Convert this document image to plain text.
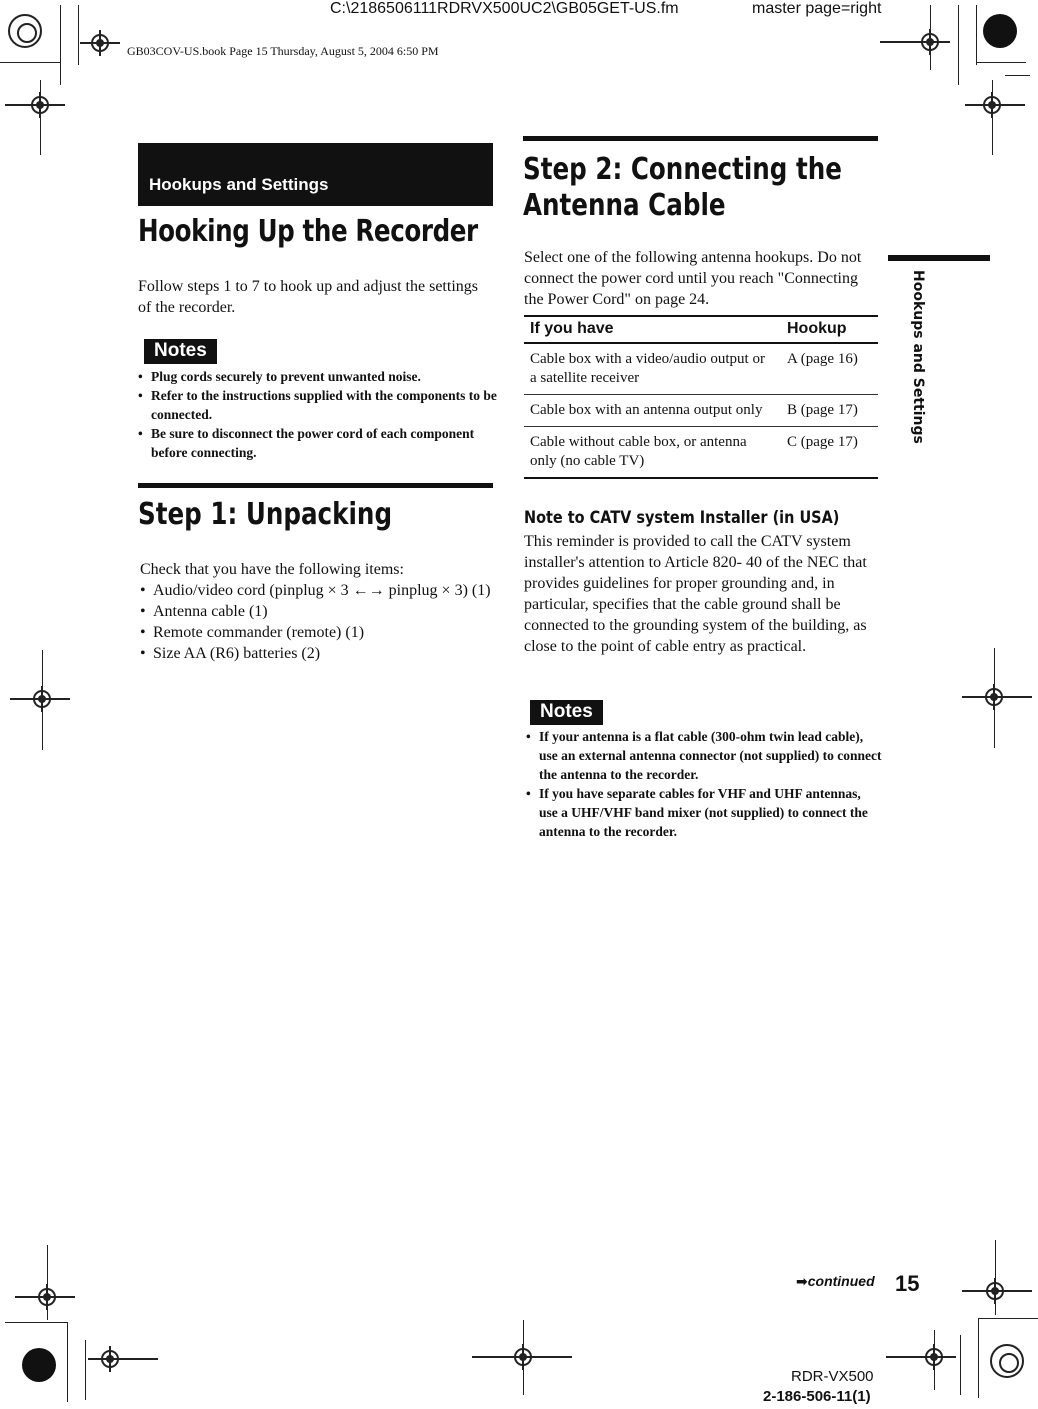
C:\2186506111RDRVX500UC2\GB05GET-US.fm	master page=right
GB03COV-US.book Page 15 Thursday, August 5, 2004 6:50 PM
Hookups and Settings
Hooking Up the Recorder
Follow steps 1 to 7 to hook up and adjust the settings of the recorder.
Notes
• Plug cords securely to prevent unwanted noise.
• Refer to the instructions supplied with the components to be connected.
• Be sure to disconnect the power cord of each component before connecting.
Step 1: Unpacking
Check that you have the following items:
• Audio/video cord (pinplug × 3 ←→ pinplug × 3) (1)
• Antenna cable (1)
• Remote commander (remote) (1)
• Size AA (R6) batteries (2)
Step 2: Connecting the
Antenna Cable
Select one of the following antenna hookups. Do not connect the power cord until you reach "Connecting the Power Cord" on page 24.
If you have	Hookup
Cable box with a video/audio output or a satellite receiver	A (page 16)
Cable box with an antenna output only	B (page 17)
Cable without cable box, or antenna only (no cable TV)	C (page 17)
Note to CATV system Installer (in USA)
This reminder is provided to call the CATV system installer's attention to Article 820- 40 of the NEC that provides guidelines for proper grounding and, in particular, specifies that the cable ground shall be connected to the grounding system of the building, as close to the point of cable entry as practical.
Notes
• If your antenna is a flat cable (300-ohm twin lead cable), use an external antenna connector (not supplied) to connect the antenna to the recorder.
• If you have separate cables for VHF and UHF antennas, use a UHF/VHF band mixer (not supplied) to connect the antenna to the recorder.
Hookups and Settings
➡continued 15
RDR-VX500
2-186-506-11(1)
